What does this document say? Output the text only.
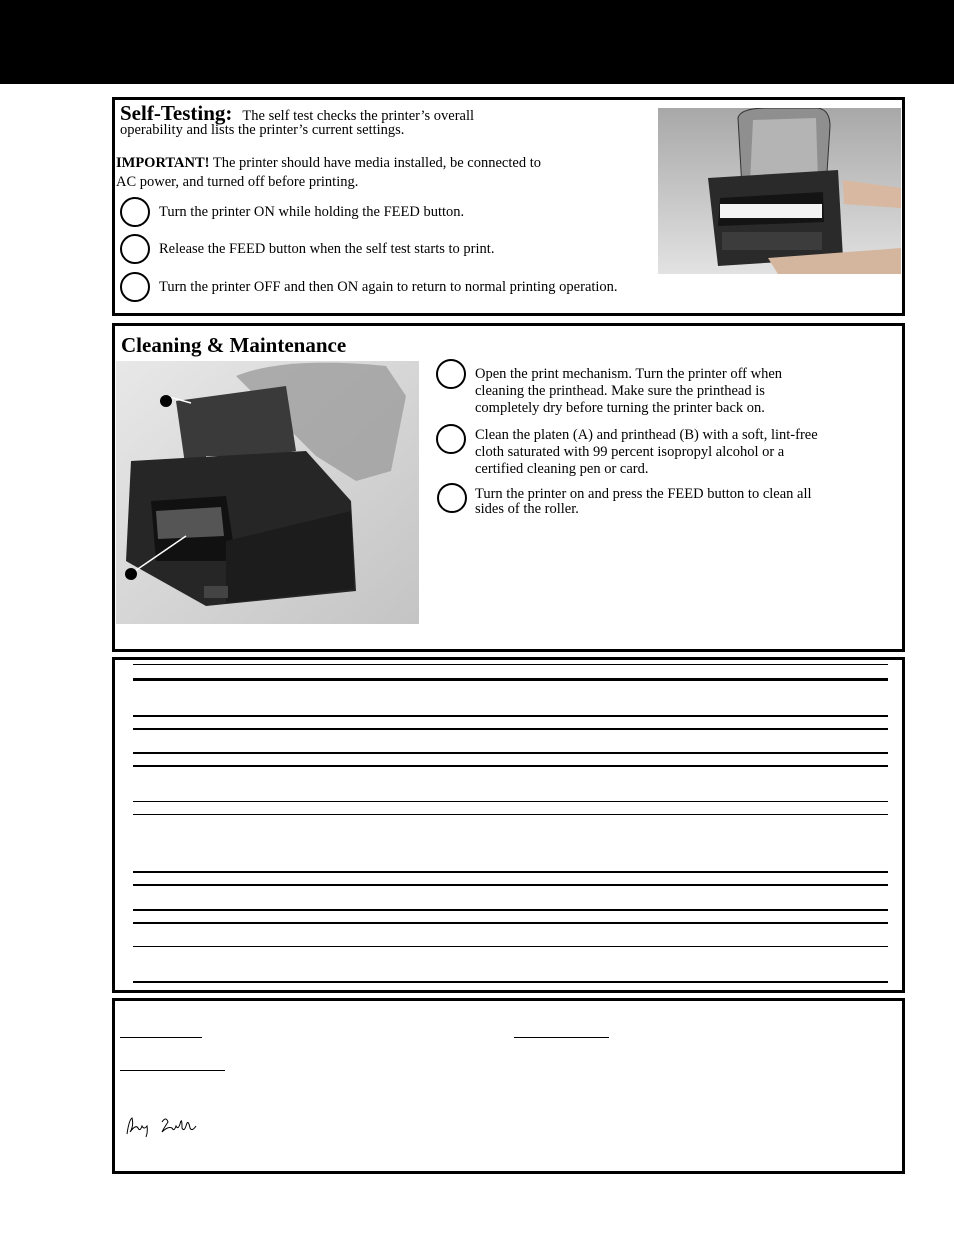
Self-Testing: The self test checks the printer’s overall
operability and lists the printer’s current settings.
IMPORTANT! The printer should have media installed, be connected to
AC power, and turned off before printing.
Turn the printer ON while holding the FEED button.
Release the FEED button when the self test starts to print.
Turn the printer OFF and then ON again to return to normal printing operation.
Cleaning & Maintenance
Open the print mechanism. Turn the printer off when
cleaning the printhead. Make sure the printhead is
completely dry before turning the printer back on.
Clean the platen (A) and printhead (B) with a soft, lint-free
cloth saturated with 99 percent isopropyl alcohol or a
certified cleaning pen or card.
Turn the printer on and press the FEED button to clean all
sides of the roller.
